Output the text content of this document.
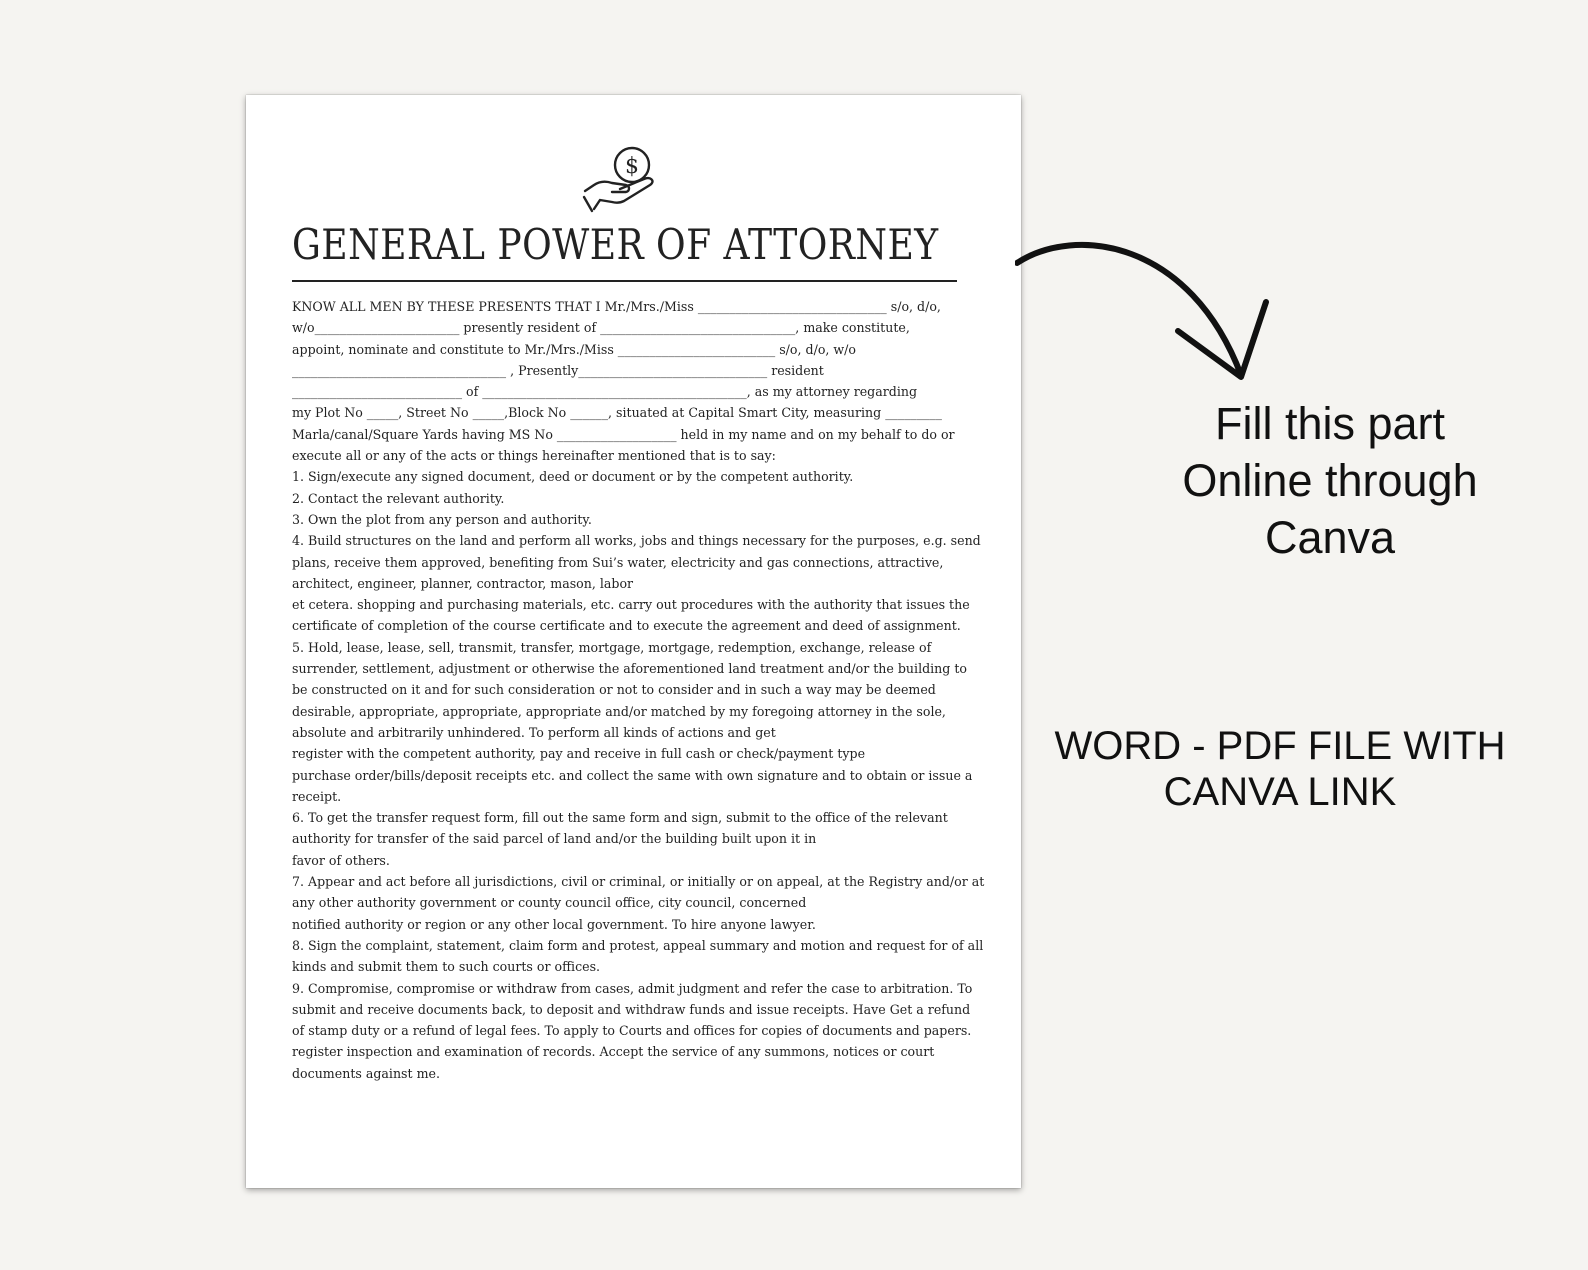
$
GENERAL POWER OF ATTORNEY

KNOW ALL MEN BY THESE PRESENTS THAT I Mr./Mrs./Miss ______________________________ s/o, d/o,

w/o_______________________ presently resident of _______________________________, make constitute,

appoint, nominate and constitute to Mr./Mrs./Miss _________________________ s/o, d/o, w/o

__________________________________ , Presently______________________________ resident

___________________________ of __________________________________________, as my attorney regarding

my Plot No _____, Street No _____,Block No ______, situated at Capital Smart City, measuring _________

Marla/canal/Square Yards having MS No ___________________ held in my name and on my behalf to do or

execute all or any of the acts or things hereinafter mentioned that is to say:

1. Sign/execute any signed document, deed or document or by the competent authority.

2. Contact the relevant authority.

3. Own the plot from any person and authority.

4. Build structures on the land and perform all works, jobs and things necessary for the purposes, e.g. send

plans, receive them approved, benefiting from Sui’s water, electricity and gas connections, attractive,

architect, engineer, planner, contractor, mason, labor

et cetera. shopping and purchasing materials, etc. carry out procedures with the authority that issues the

certificate of completion of the course certificate and to execute the agreement and deed of assignment.

5. Hold, lease, lease, sell, transmit, transfer, mortgage, mortgage, redemption, exchange, release of

surrender, settlement, adjustment or otherwise the aforementioned land treatment and/or the building to

be constructed on it and for such consideration or not to consider and in such a way may be deemed

desirable, appropriate, appropriate, appropriate and/or matched by my foregoing attorney in the sole,

absolute and arbitrarily unhindered. To perform all kinds of actions and get

register with the competent authority, pay and receive in full cash or check/payment type

purchase order/bills/deposit receipts etc. and collect the same with own signature and to obtain or issue a

receipt.

6. To get the transfer request form, fill out the same form and sign, submit to the office of the relevant

authority for transfer of the said parcel of land and/or the building built upon it in

favor of others.

7. Appear and act before all jurisdictions, civil or criminal, or initially or on appeal, at the Registry and/or at

any other authority government or county council office, city council, concerned

notified authority or region or any other local government. To hire anyone lawyer.

8. Sign the complaint, statement, claim form and protest, appeal summary and motion and request for of all

kinds and submit them to such courts or offices.

9. Compromise, compromise or withdraw from cases, admit judgment and refer the case to arbitration. To

submit and receive documents back, to deposit and withdraw funds and issue receipts. Have Get a refund

of stamp duty or a refund of legal fees. To apply to Courts and offices for copies of documents and papers.

register inspection and examination of records. Accept the service of any summons, notices or court

documents against me.

Fill this part
Online through
Canva
WORD - PDF FILE WITH
CANVA LINK
